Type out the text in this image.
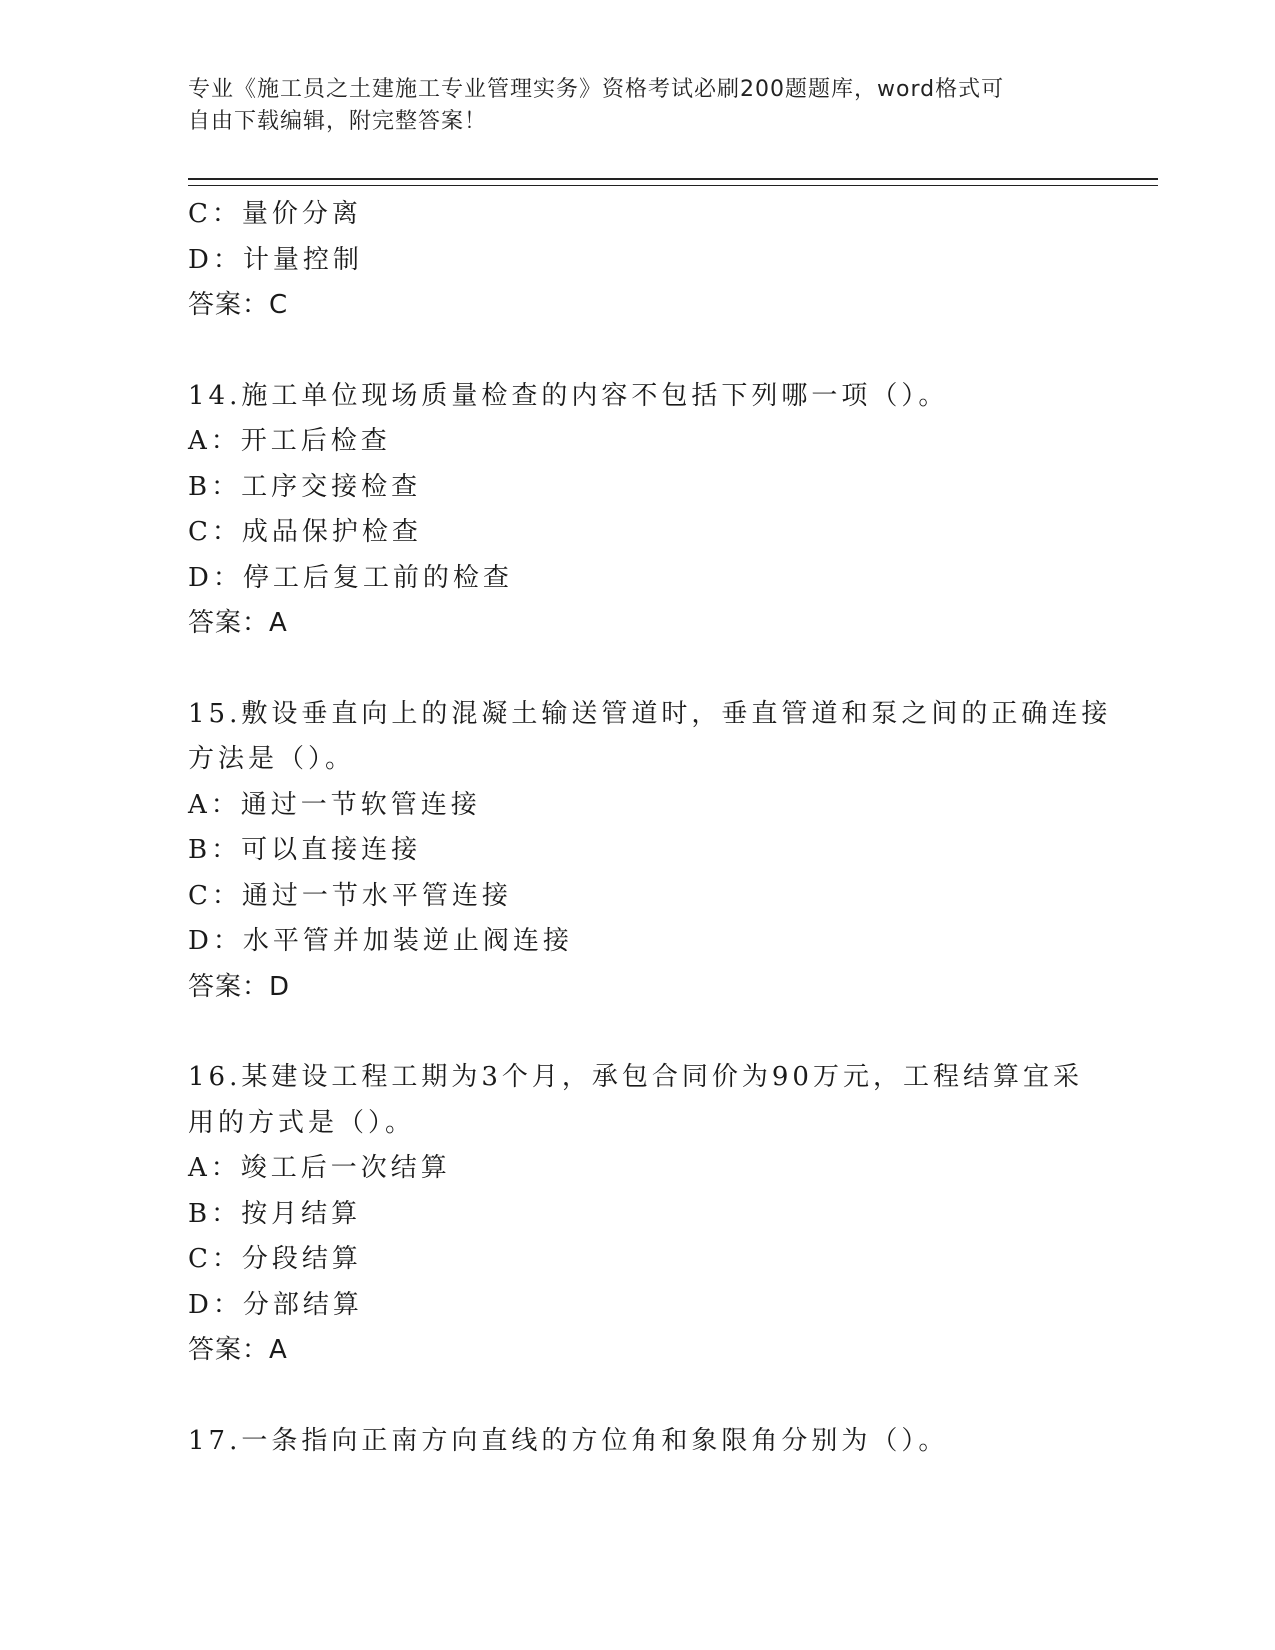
专业《施工员之土建施工专业管理实务》资格考试必刷200题题库，word格式可
自由下载编辑，附完整答案！
C：量价分离
D：计量控制
答案：C
14.施工单位现场质量检查的内容不包括下列哪一项（）。
A：开工后检查
B：工序交接检查
C：成品保护检查
D：停工后复工前的检查
答案：A
15.敷设垂直向上的混凝土输送管道时，垂直管道和泵之间的正确连接
方法是（）。
A：通过一节软管连接
B：可以直接连接
C：通过一节水平管连接
D：水平管并加装逆止阀连接
答案：D
16.某建设工程工期为3个月，承包合同价为90万元，工程结算宜采
用的方式是（）。
A：竣工后一次结算
B：按月结算
C：分段结算
D：分部结算
答案：A
17.一条指向正南方向直线的方位角和象限角分别为（）。
